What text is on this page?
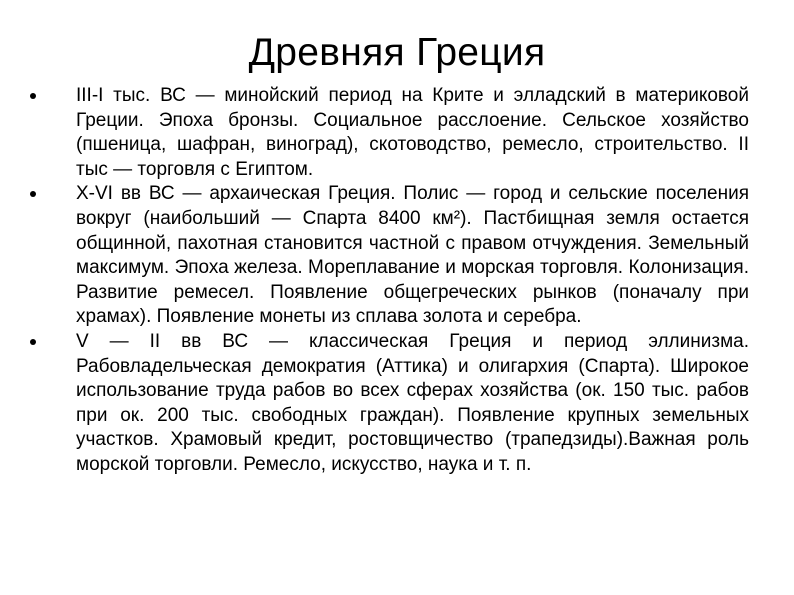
Древняя Греция
III-I тыс. ВС — минойский период на Крите и элладский в материковой Греции. Эпоха бронзы. Социальное расслоение. Сельское хозяйство (пшеница, шафран, виноград), скотоводство, ремесло, строительство. II тыс — торговля с Египтом.
X-VI вв ВС — архаическая Греция. Полис — город и сельские поселения вокруг (наибольший — Спарта 8400 км²). Пастбищная земля остается общинной, пахотная становится частной с правом отчуждения. Земельный максимум. Эпоха железа. Мореплавание и морская торговля. Колонизация. Развитие ремесел. Появление общегреческих рынков (поначалу при храмах). Появление монеты из сплава золота и серебра.
V — II вв ВС — классическая Греция и период эллинизма. Рабовладельческая демократия (Аттика) и олигархия (Спарта). Широкое использование труда рабов во всех сферах хозяйства (ок. 150 тыс. рабов при ок. 200 тыс. свободных граждан). Появление крупных земельных участков. Храмовый кредит, ростовщичество (трапедзиды).Важная роль морской торговли. Ремесло, искусство, наука и т. п.
